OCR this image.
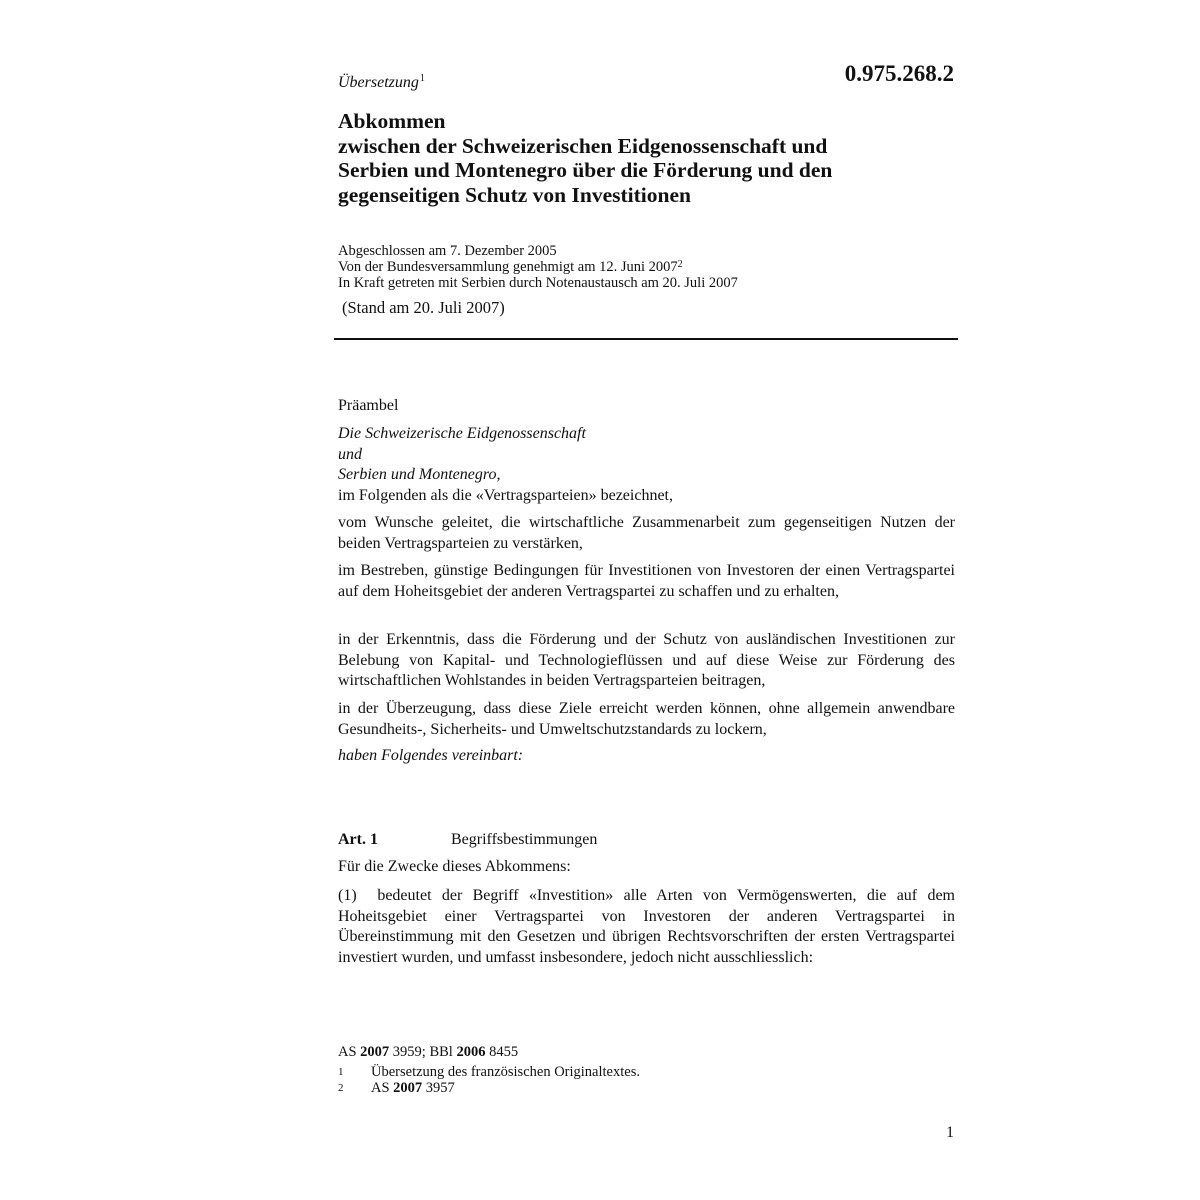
Übersetzung$^1$	0.975.268.2
Abkommen
zwischen der Schweizerischen Eidgenossenschaft und
Serbien und Montenegro über die Förderung und den
gegenseitigen Schutz von Investitionen
Abgeschlossen am 7. Dezember 2005
Von der Bundesversammlung genehmigt am 12. Juni 2007$^2$
In Kraft getreten mit Serbien durch Notenaustausch am 20. Juli 2007
(Stand am 20. Juli 2007)
Präambel
Die Schweizerische Eidgenossenschaft
und
Serbien und Montenegro,
im Folgenden als die «Vertragsparteien» bezeichnet,
vom Wunsche geleitet, die wirtschaftliche Zusammenarbeit zum gegenseitigen Nutzen der beiden Vertragsparteien zu verstärken,
im Bestreben, günstige Bedingungen für Investitionen von Investoren der einen Vertragspartei auf dem Hoheitsgebiet der anderen Vertragspartei zu schaffen und zu erhalten,
in der Erkenntnis, dass die Förderung und der Schutz von ausländischen Investitionen zur Belebung von Kapital- und Technologieflüssen und auf diese Weise zur Förderung des wirtschaftlichen Wohlstandes in beiden Vertragsparteien beitragen,
in der Überzeugung, dass diese Ziele erreicht werden können, ohne allgemein anwendbare Gesundheits-, Sicherheits- und Umweltschutzstandards zu lockern,
haben Folgendes vereinbart:
Art. 1	Begriffsbestimmungen
Für die Zwecke dieses Abkommens:
(1) bedeutet der Begriff «Investition» alle Arten von Vermögenswerten, die auf dem Hoheitsgebiet einer Vertragspartei von Investoren der anderen Vertragspartei in Übereinstimmung mit den Gesetzen und übrigen Rechtsvorschriften der ersten Vertragspartei investiert wurden, und umfasst insbesondere, jedoch nicht ausschliesslich:
AS 2007 3959; BBl 2006 8455
1 Übersetzung des französischen Originaltextes.
2 AS 2007 3957
1
